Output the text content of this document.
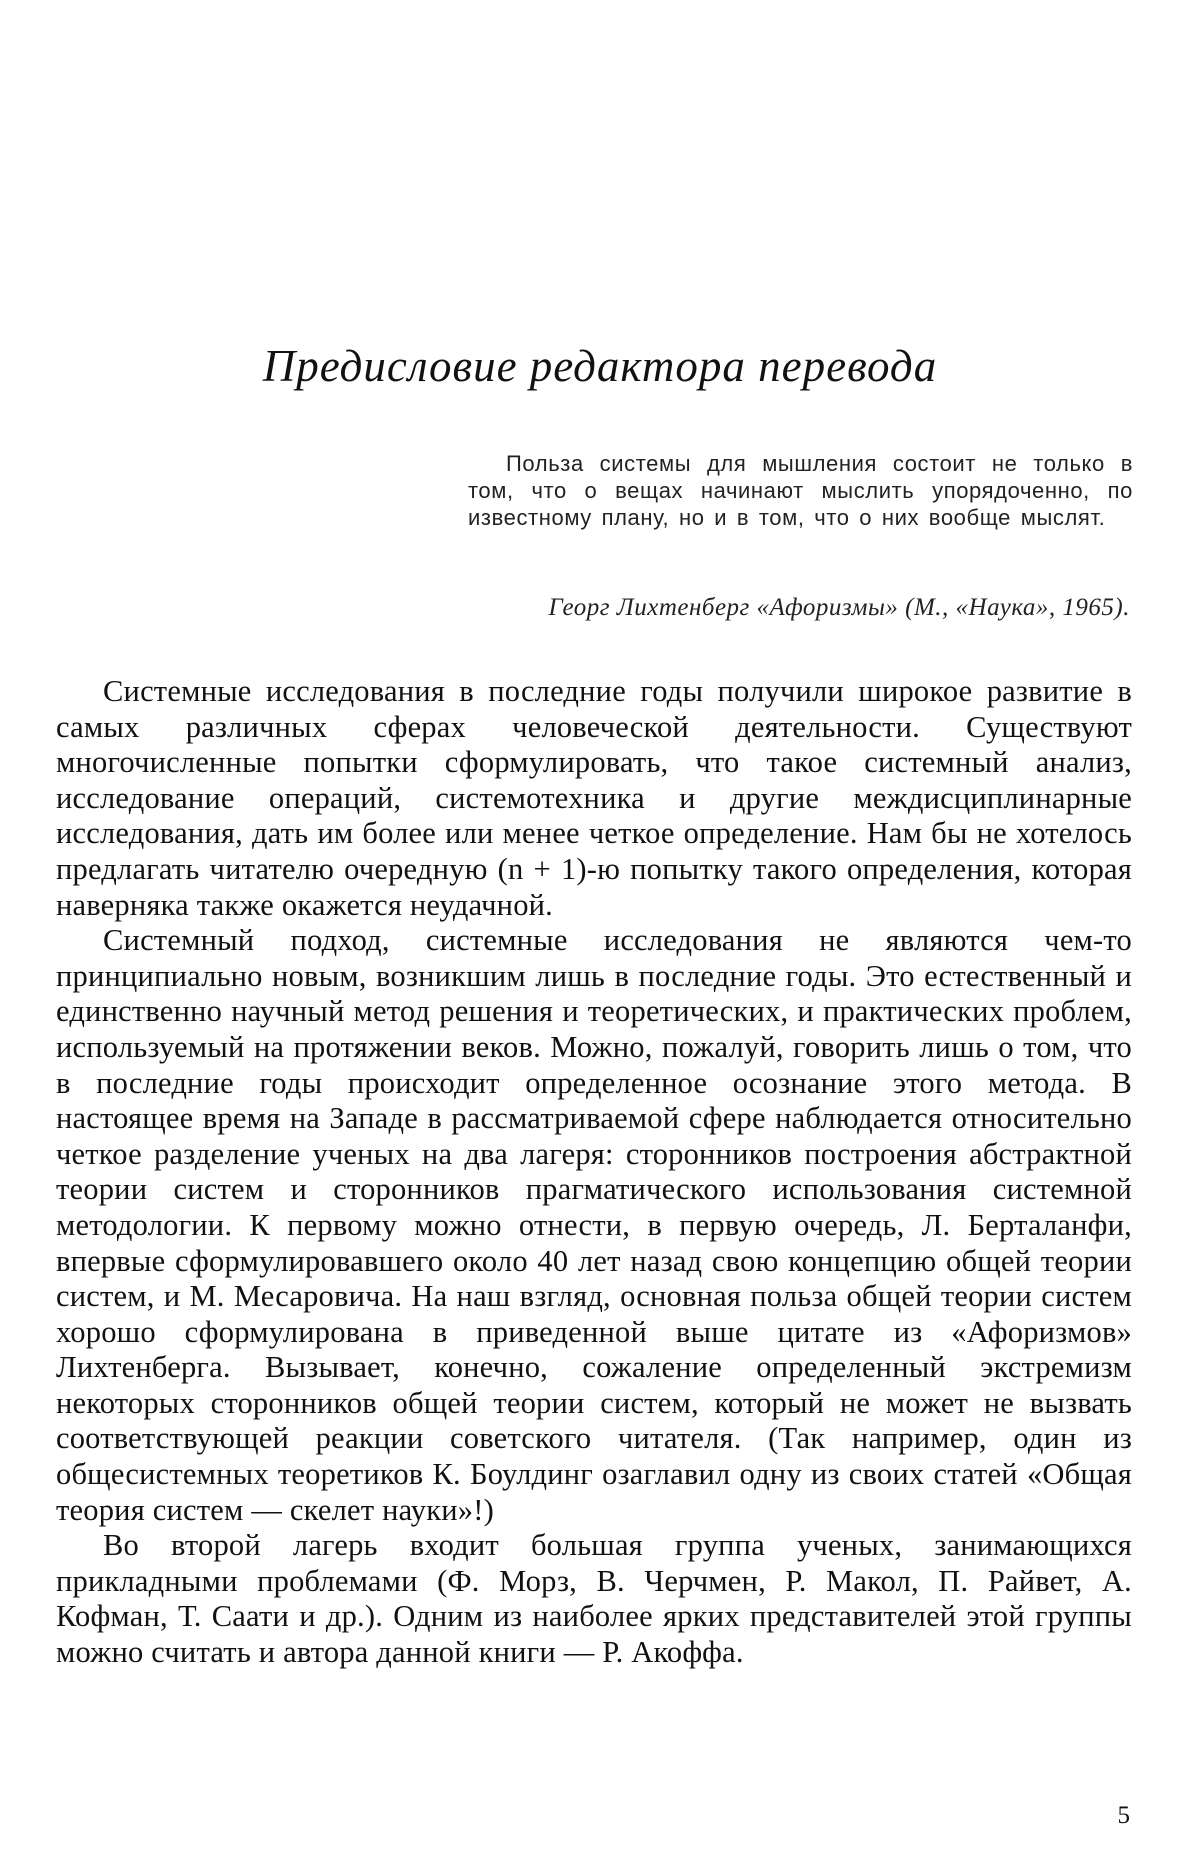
Предисловие редактора перевода

Польза системы для мышления состоит не только в том, что о вещах начинают мыслить упорядоченно, по известному плану, но и в том, что о них вообще мыслят.

Георг Лихтенберг «Афоризмы» (М., «Наука», 1965).

Системные исследования в последние годы получили широкое развитие в самых различных сферах человеческой деятельности. Существуют многочисленные попытки сформулировать, что такое системный анализ, исследование операций, системотехника и другие междисциплинарные исследования, дать им более или менее четкое определение. Нам бы не хотелось предлагать читателю очередную (n + 1)-ю попытку такого определения, которая наверняка также окажется неудачной.

Системный подход, системные исследования не являются чем-то принципиально новым, возникшим лишь в последние годы. Это естественный и единственно научный метод решения и теоретических, и практических проблем, используемый на протяжении веков. Можно, пожалуй, говорить лишь о том, что в последние годы происходит определенное осознание этого метода. В настоящее время на Западе в рассматриваемой сфере наблюдается относительно четкое разделение ученых на два лагеря: сторонников построения абстрактной теории систем и сторонников прагматического использования системной методологии. К первому можно отнести, в первую очередь, Л. Берталанфи, впервые сформулировавшего около 40 лет назад свою концепцию общей теории систем, и М. Месаровича. На наш взгляд, основная польза общей теории систем хорошо сформулирована в приведенной выше цитате из «Афоризмов» Лихтенберга. Вызывает, конечно, сожаление определенный экстремизм некоторых сторонников общей теории систем, который не может не вызвать соответствующей реакции советского читателя. (Так например, один из общесистемных теоретиков К. Боулдинг озаглавил одну из своих статей «Общая теория систем — скелет науки»!)

Во второй лагерь входит большая группа ученых, занимающихся прикладными проблемами (Ф. Морз, В. Черчмен, Р. Макол, П. Райвет, А. Кофман, Т. Саати и др.). Одним из наиболее ярких представителей этой группы можно считать и автора данной книги — Р. Акоффа.

5
